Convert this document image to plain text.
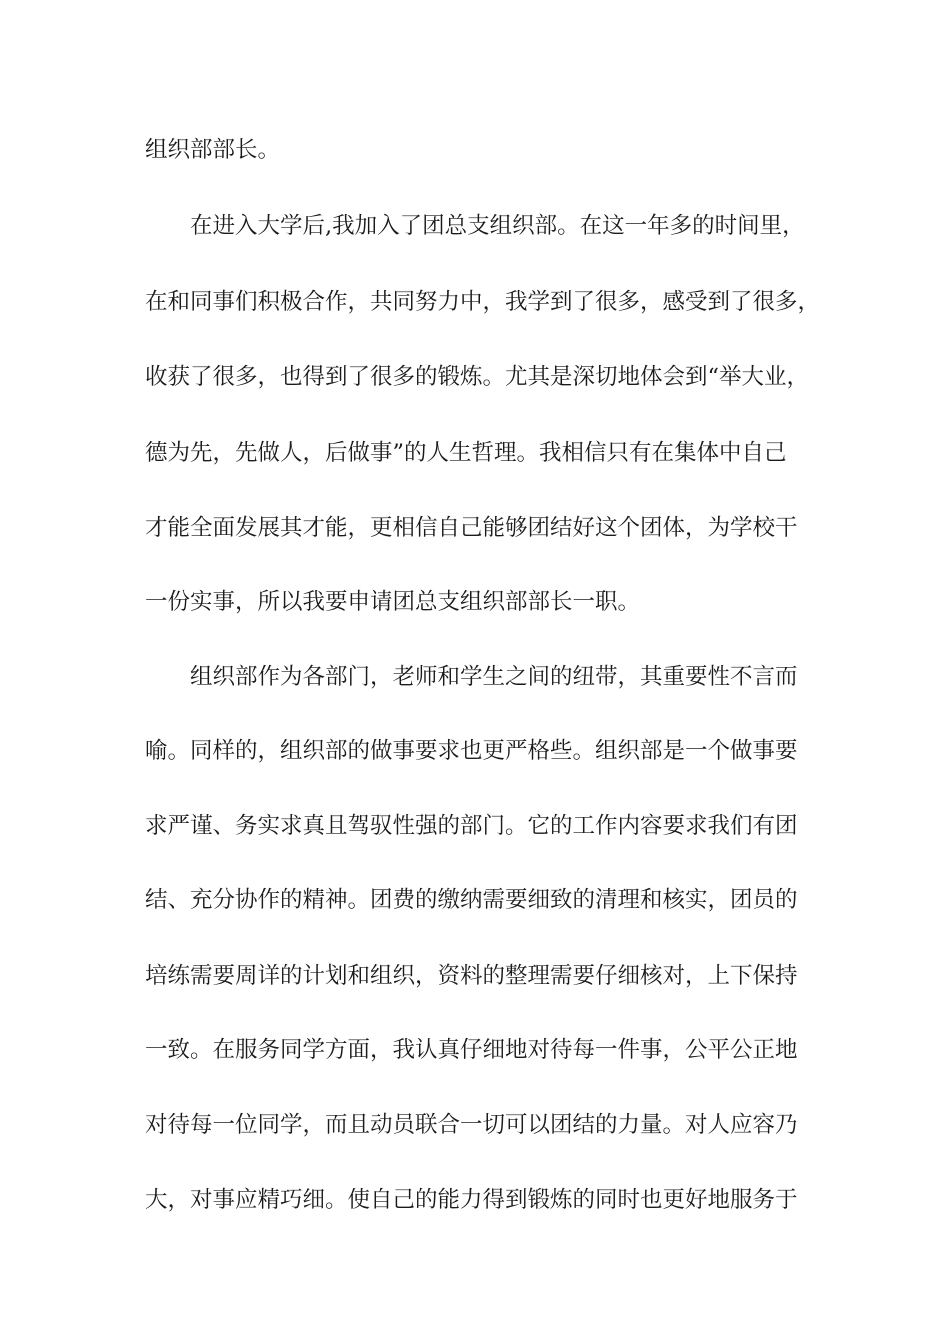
组织部部长。

在进入大学后,我加入了团总支组织部。在这一年多的时间里，

在和同事们积极合作，共同努力中，我学到了很多，感受到了很多，

收获了很多，也得到了很多的锻炼。尤其是深切地体会到“举大业，

德为先，先做人，后做事”的人生哲理。我相信只有在集体中自己

才能全面发展其才能，更相信自己能够团结好这个团体，为学校干

一份实事，所以我要申请团总支组织部部长一职。

组织部作为各部门，老师和学生之间的纽带，其重要性不言而

喻。同样的，组织部的做事要求也更严格些。组织部是一个做事要

求严谨、务实求真且驾驭性强的部门。它的工作内容要求我们有团

结、充分协作的精神。团费的缴纳需要细致的清理和核实，团员的

培练需要周详的计划和组织，资料的整理需要仔细核对，上下保持

一致。在服务同学方面，我认真仔细地对待每一件事，公平公正地

对待每一位同学，而且动员联合一切可以团结的力量。对人应容乃

大，对事应精巧细。使自己的能力得到锻炼的同时也更好地服务于
